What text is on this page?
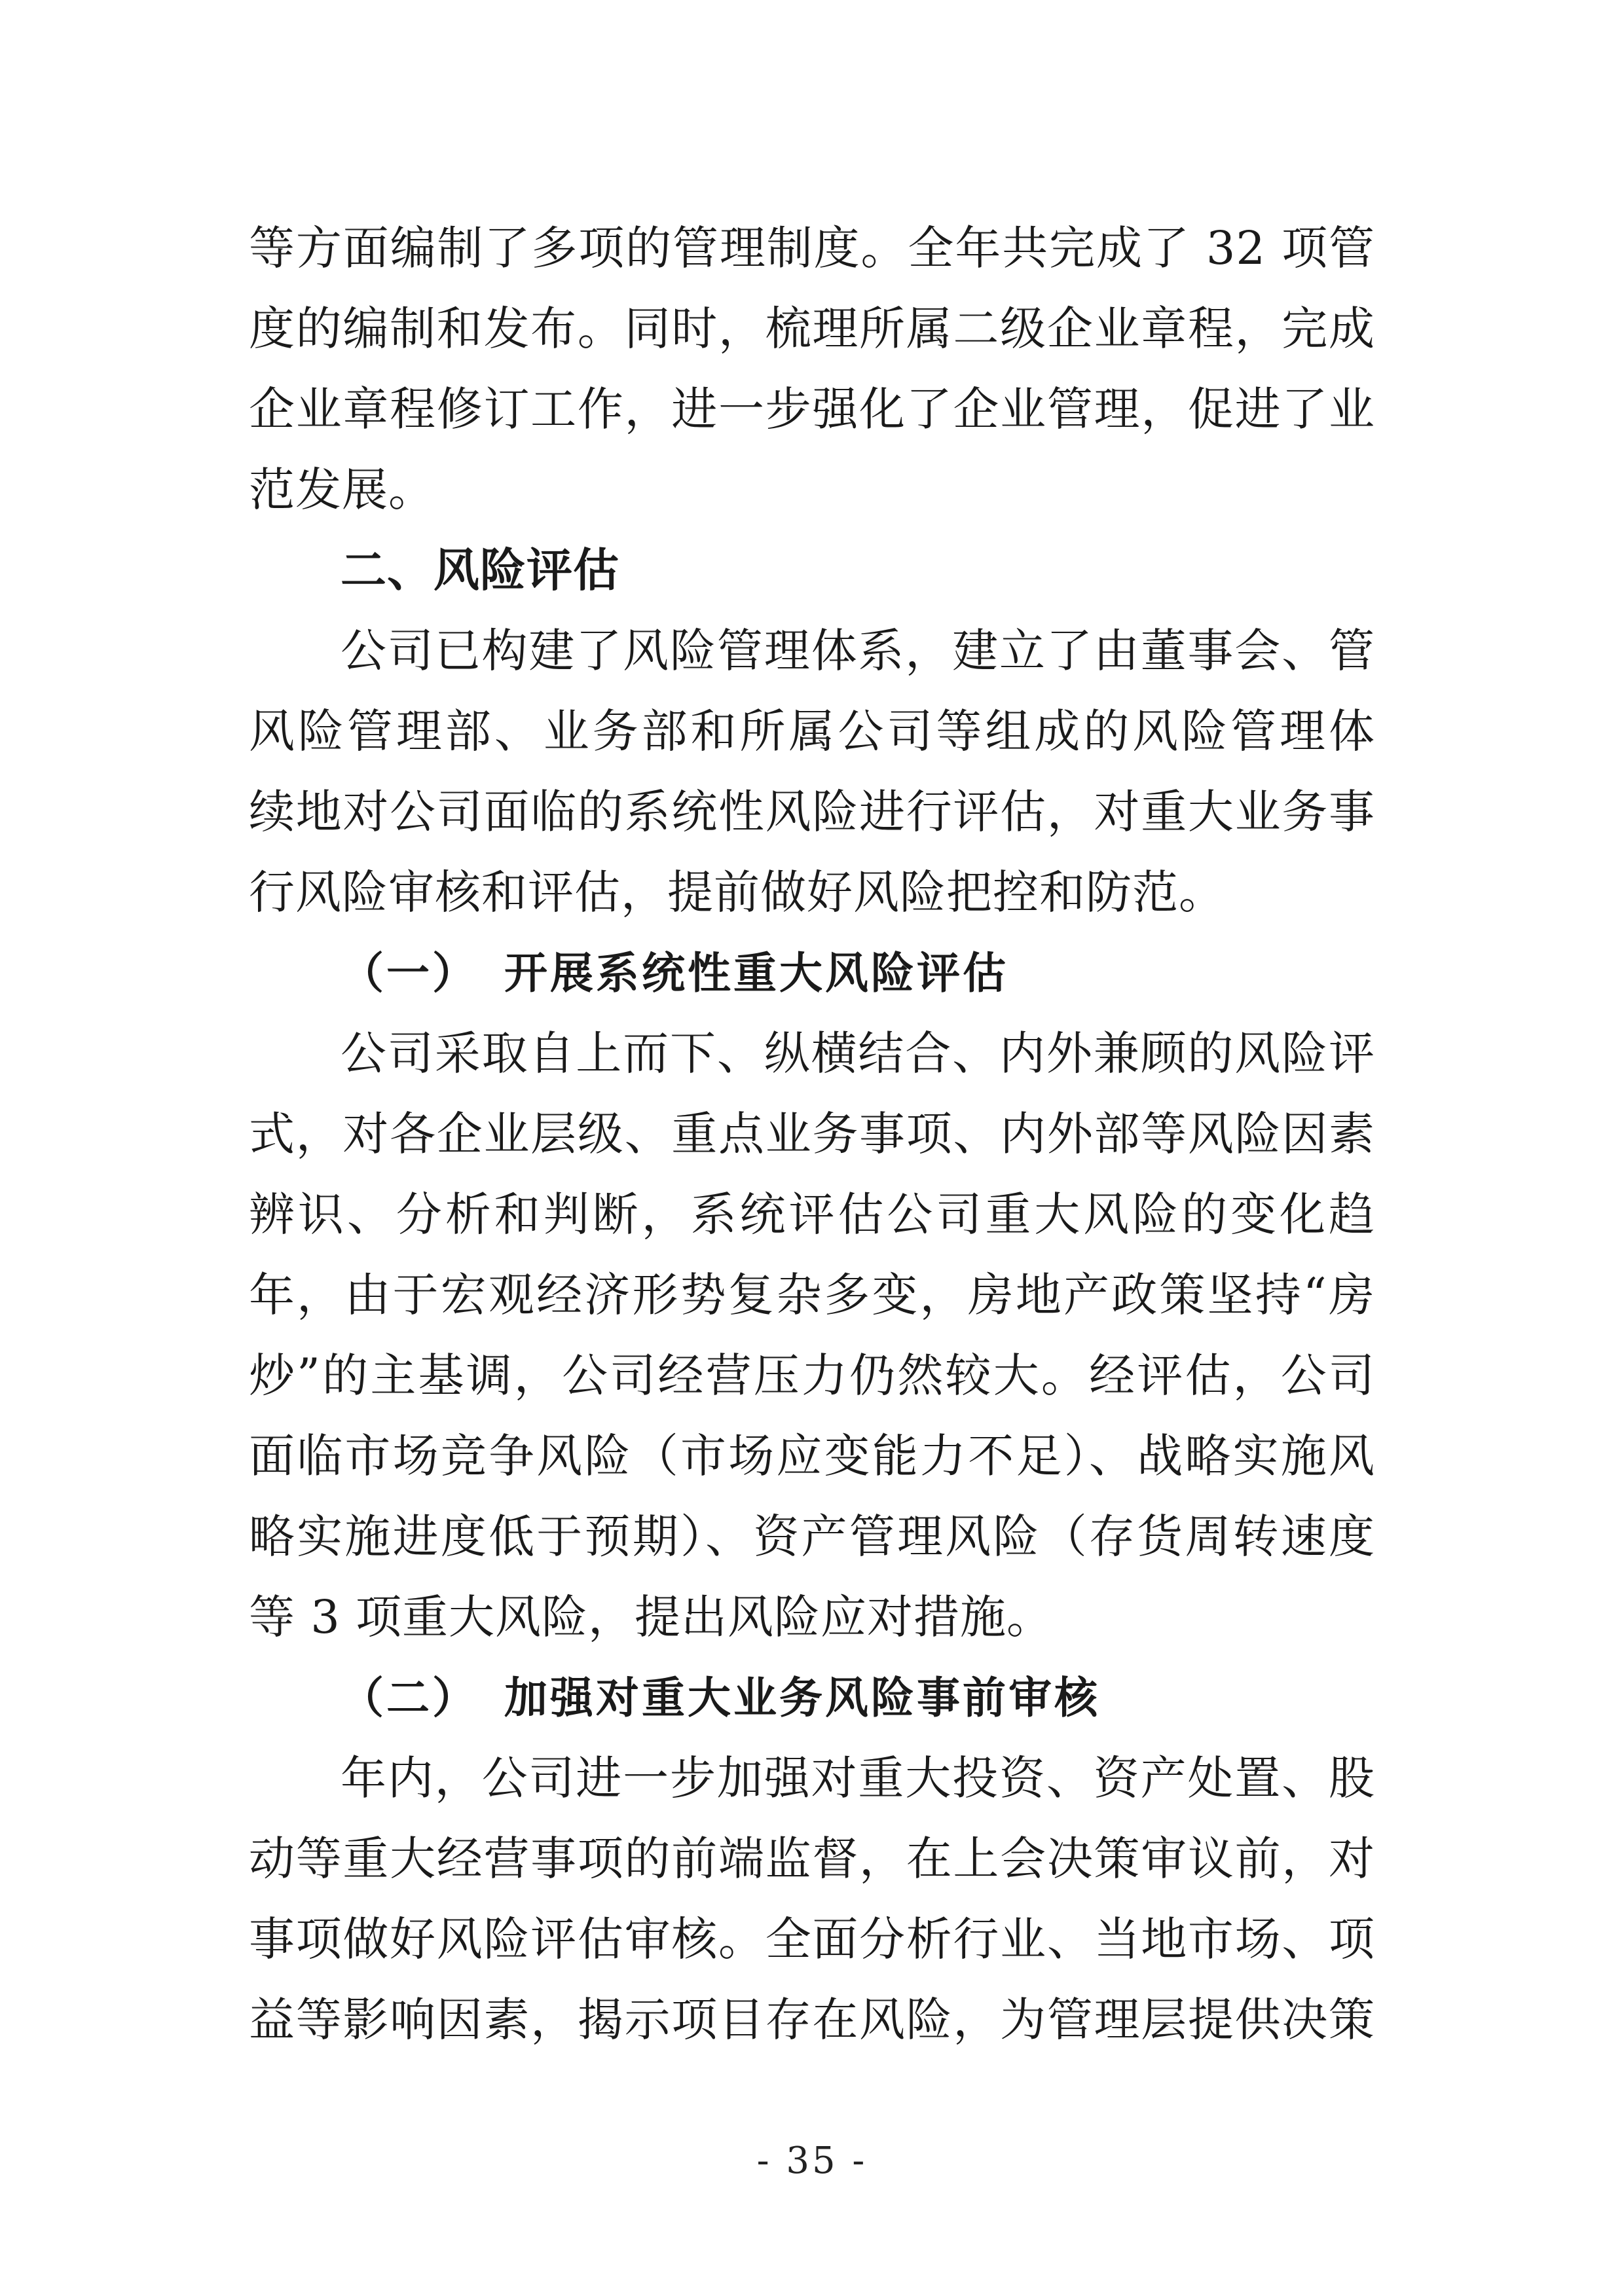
等方面编制了多项的管理制度。全年共完成了 32 项管
度的编制和发布。同时，梳理所属二级企业章程，完成
企业章程修订工作，进一步强化了企业管理，促进了业
范发展。
二、风险评估
公司已构建了风险管理体系，建立了由董事会、管
风险管理部、业务部和所属公司等组成的风险管理体
续地对公司面临的系统性风险进行评估，对重大业务事
行风险审核和评估，提前做好风险把控和防范。
（一） 开展系统性重大风险评估
公司采取自上而下、纵横结合、内外兼顾的风险评
式，对各企业层级、重点业务事项、内外部等风险因素
辨识、分析和判断，系统评估公司重大风险的变化趋
年，由于宏观经济形势复杂多变，房地产政策坚持“房
炒”的主基调，公司经营压力仍然较大。经评估，公司
面临市场竞争风险（市场应变能力不足）、战略实施风
略实施进度低于预期）、资产管理风险（存货周转速度
等 3 项重大风险，提出风险应对措施。
（二） 加强对重大业务风险事前审核
年内，公司进一步加强对重大投资、资产处置、股
动等重大经营事项的前端监督，在上会决策审议前，对
事项做好风险评估审核。全面分析行业、当地市场、项
益等影响因素，揭示项目存在风险，为管理层提供决策
- 35 -
